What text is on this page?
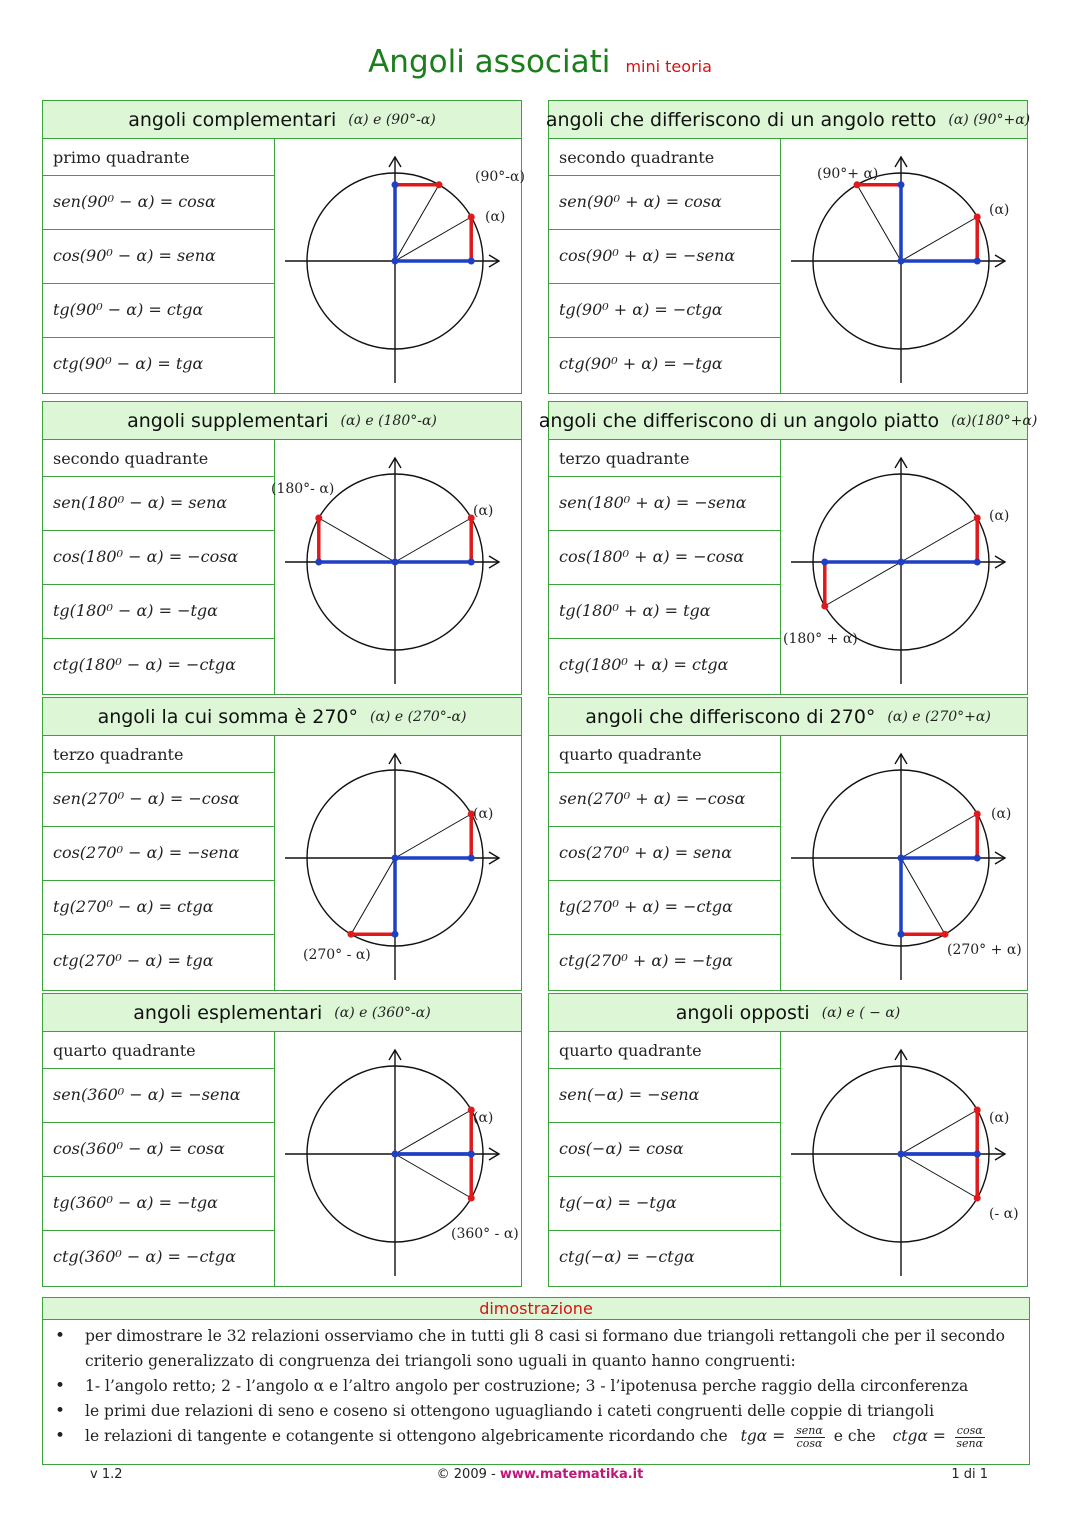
Angoli associati mini teoria
angoli complementari (α) e (90°-α)
primo quadrante
sen(90⁰ − α) = cosα
cos(90⁰ − α) = senα
tg(90⁰ − α) = ctgα
ctg(90⁰ − α) = tgα
(90°-α)
(α)
angoli che differiscono di un angolo retto (α) (90°+α)
secondo quadrante
sen(90⁰ + α) = cosα
cos(90⁰ + α) = −senα
tg(90⁰ + α) = −ctgα
ctg(90⁰ + α) = −tgα
(90°+ α)
(α)
angoli supplementari (α) e (180°-α)
secondo quadrante
sen(180⁰ − α) = senα
cos(180⁰ − α) = −cosα
tg(180⁰ − α) = −tgα
ctg(180⁰ − α) = −ctgα
(180°- α)
(α)
angoli che differiscono di un angolo piatto (α)(180°+α)
terzo quadrante
sen(180⁰ + α) = −senα
cos(180⁰ + α) = −cosα
tg(180⁰ + α) = tgα
ctg(180⁰ + α) = ctgα
(α)
(180° + α)
angoli la cui somma è 270° (α) e (270°-α)
terzo quadrante
sen(270⁰ − α) = −cosα
cos(270⁰ − α) = −senα
tg(270⁰ − α) = ctgα
ctg(270⁰ − α) = tgα
(α)
(270° - α)
angoli che differiscono di 270° (α) e (270°+α)
quarto quadrante
sen(270⁰ + α) = −cosα
cos(270⁰ + α) = senα
tg(270⁰ + α) = −ctgα
ctg(270⁰ + α) = −tgα
(α)
(270° + α)
angoli esplementari (α) e (360°-α)
quarto quadrante
sen(360⁰ − α) = −senα
cos(360⁰ − α) = cosα
tg(360⁰ − α) = −tgα
ctg(360⁰ − α) = −ctgα
(α)
(360° - α)
angoli opposti (α) e ( − α)
quarto quadrante
sen(−α) = −senα
cos(−α) = cosα
tg(−α) = −tgα
ctg(−α) = −ctgα
(α)
(- α)
dimostrazione
• per dimostrare le 32 relazioni osserviamo che in tutti gli 8 casi si formano due triangoli rettangoli che per il secondo criterio generalizzato di congruenza dei triangoli sono uguali in quanto hanno congruenti:
• 1- l’angolo retto; 2 - l’angolo α e l’altro angolo per costruzione; 3 - l’ipotenusa perche raggio della circonferenza
• le primi due relazioni di seno e coseno si ottengono uguagliando i cateti congruenti delle coppie di triangoli
• le relazioni di tangente e cotangente si ottengono algebricamente ricordando che $tg\alpha = \frac{\text{senα}}{\cos\alpha}$ e che $ctg\alpha = \frac{\cos\alpha}{\text{senα}}$
v 1.2	© 2009 - www.matematika.it	1 di 1
